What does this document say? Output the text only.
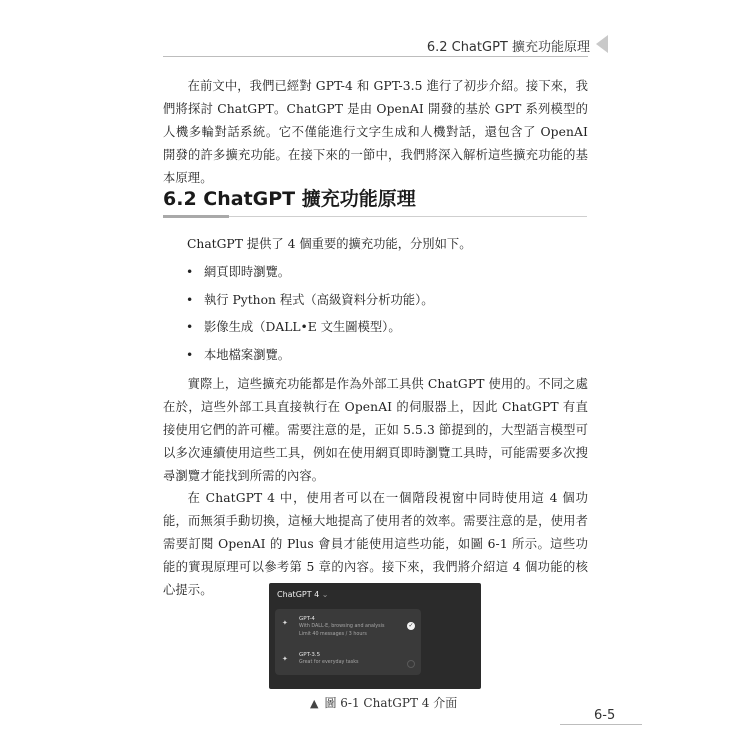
6.2 ChatGPT 擴充功能原理

在前文中，我們已經對 GPT-4 和 GPT-3.5 進行了初步介紹。接下來，我們將探討 ChatGPT。ChatGPT 是由 OpenAI 開發的基於 GPT 系列模型的人機多輪對話系統。它不僅能進行文字生成和人機對話，還包含了 OpenAI 開發的許多擴充功能。在接下來的一節中，我們將深入解析這些擴充功能的基本原理。

6.2 ChatGPT 擴充功能原理

ChatGPT 提供了 4 個重要的擴充功能，分別如下。

• 網頁即時瀏覽。
• 執行 Python 程式（高級資料分析功能）。
• 影像生成（DALL•E 文生圖模型）。
• 本地檔案瀏覽。

實際上，這些擴充功能都是作為外部工具供 ChatGPT 使用的。不同之處在於，這些外部工具直接執行在 OpenAI 的伺服器上，因此 ChatGPT 有直接使用它們的許可權。需要注意的是，正如 5.5.3 節提到的，大型語言模型可以多次連續使用這些工具，例如在使用網頁即時瀏覽工具時，可能需要多次搜尋瀏覽才能找到所需的內容。

在 ChatGPT 4 中，使用者可以在一個階段視窗中同時使用這 4 個功能，而無須手動切換，這極大地提高了使用者的效率。需要注意的是，使用者需要訂閱 OpenAI 的 Plus 會員才能使用這些功能，如圖 6-1 所示。這些功能的實現原理可以參考第 5 章的內容。接下來，我們將介紹這 4 個功能的核心提示。	ChatGPT 4 ⌄
✦ GPT-4
With DALL·E, browsing and analysis
Limit 40 messages / 3 hours
✦ GPT-3.5
Great for everyday tasks
✓
▲ 圖 6-1 ChatGPT 4 介面
6-5
